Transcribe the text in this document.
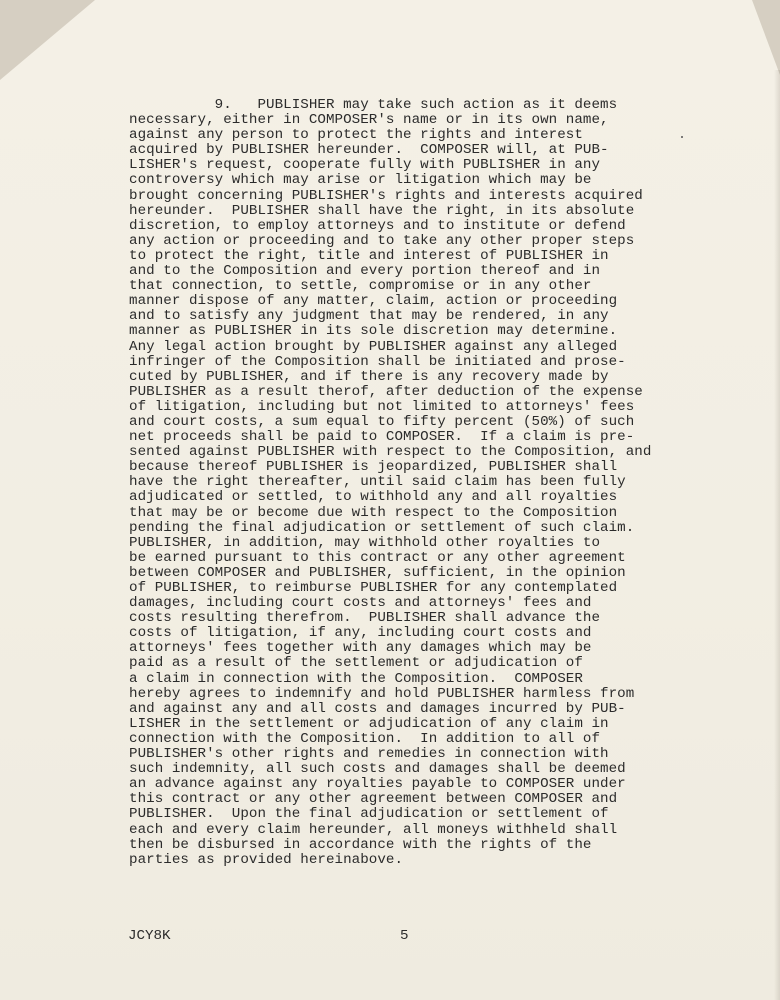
9.   PUBLISHER may take such action as it deems
necessary, either in COMPOSER's name or in its own name,
against any person to protect the rights and interest
acquired by PUBLISHER hereunder.  COMPOSER will, at PUB-
LISHER's request, cooperate fully with PUBLISHER in any
controversy which may arise or litigation which may be
brought concerning PUBLISHER's rights and interests acquired
hereunder.  PUBLISHER shall have the right, in its absolute
discretion, to employ attorneys and to institute or defend
any action or proceeding and to take any other proper steps
to protect the right, title and interest of PUBLISHER in
and to the Composition and every portion thereof and in
that connection, to settle, compromise or in any other
manner dispose of any matter, claim, action or proceeding
and to satisfy any judgment that may be rendered, in any
manner as PUBLISHER in its sole discretion may determine.
Any legal action brought by PUBLISHER against any alleged
infringer of the Composition shall be initiated and prose-
cuted by PUBLISHER, and if there is any recovery made by
PUBLISHER as a result therof, after deduction of the expense
of litigation, including but not limited to attorneys' fees
and court costs, a sum equal to fifty percent (50%) of such
net proceeds shall be paid to COMPOSER.  If a claim is pre-
sented against PUBLISHER with respect to the Composition, and
because thereof PUBLISHER is jeopardized, PUBLISHER shall
have the right thereafter, until said claim has been fully
adjudicated or settled, to withhold any and all royalties
that may be or become due with respect to the Composition
pending the final adjudication or settlement of such claim.
PUBLISHER, in addition, may withhold other royalties to
be earned pursuant to this contract or any other agreement
between COMPOSER and PUBLISHER, sufficient, in the opinion
of PUBLISHER, to reimburse PUBLISHER for any contemplated
damages, including court costs and attorneys' fees and
costs resulting therefrom.  PUBLISHER shall advance the
costs of litigation, if any, including court costs and
attorneys' fees together with any damages which may be
paid as a result of the settlement or adjudication of
a claim in connection with the Composition.  COMPOSER
hereby agrees to indemnify and hold PUBLISHER harmless from
and against any and all costs and damages incurred by PUB-
LISHER in the settlement or adjudication of any claim in
connection with the Composition.  In addition to all of
PUBLISHER's other rights and remedies in connection with
such indemnity, all such costs and damages shall be deemed
an advance against any royalties payable to COMPOSER under
this contract or any other agreement between COMPOSER and
PUBLISHER.  Upon the final adjudication or settlement of
each and every claim hereunder, all moneys withheld shall
then be disbursed in accordance with the rights of the
parties as provided hereinabove.
JCY8K	5
